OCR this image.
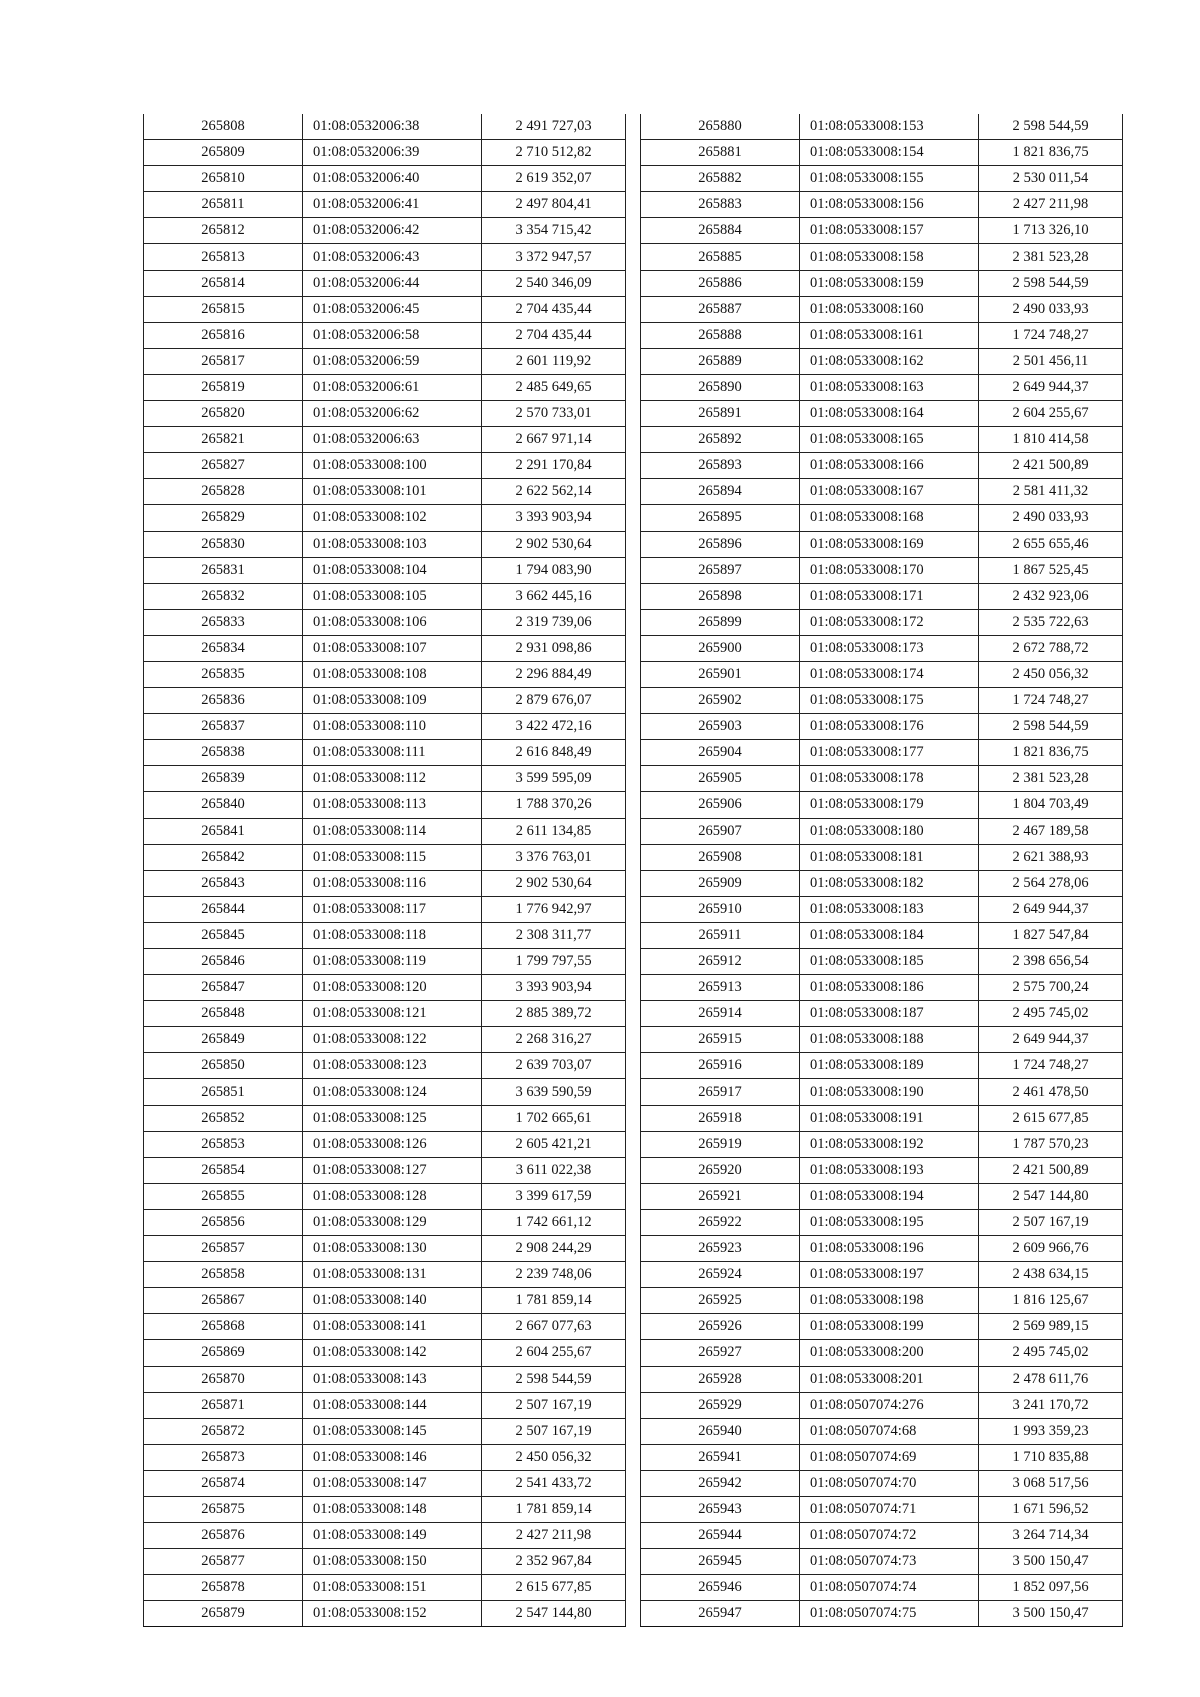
265808	01:08:0532006:38	2 491 727,03
265809	01:08:0532006:39	2 710 512,82
265810	01:08:0532006:40	2 619 352,07
265811	01:08:0532006:41	2 497 804,41
265812	01:08:0532006:42	3 354 715,42
265813	01:08:0532006:43	3 372 947,57
265814	01:08:0532006:44	2 540 346,09
265815	01:08:0532006:45	2 704 435,44
265816	01:08:0532006:58	2 704 435,44
265817	01:08:0532006:59	2 601 119,92
265819	01:08:0532006:61	2 485 649,65
265820	01:08:0532006:62	2 570 733,01
265821	01:08:0532006:63	2 667 971,14
265827	01:08:0533008:100	2 291 170,84
265828	01:08:0533008:101	2 622 562,14
265829	01:08:0533008:102	3 393 903,94
265830	01:08:0533008:103	2 902 530,64
265831	01:08:0533008:104	1 794 083,90
265832	01:08:0533008:105	3 662 445,16
265833	01:08:0533008:106	2 319 739,06
265834	01:08:0533008:107	2 931 098,86
265835	01:08:0533008:108	2 296 884,49
265836	01:08:0533008:109	2 879 676,07
265837	01:08:0533008:110	3 422 472,16
265838	01:08:0533008:111	2 616 848,49
265839	01:08:0533008:112	3 599 595,09
265840	01:08:0533008:113	1 788 370,26
265841	01:08:0533008:114	2 611 134,85
265842	01:08:0533008:115	3 376 763,01
265843	01:08:0533008:116	2 902 530,64
265844	01:08:0533008:117	1 776 942,97
265845	01:08:0533008:118	2 308 311,77
265846	01:08:0533008:119	1 799 797,55
265847	01:08:0533008:120	3 393 903,94
265848	01:08:0533008:121	2 885 389,72
265849	01:08:0533008:122	2 268 316,27
265850	01:08:0533008:123	2 639 703,07
265851	01:08:0533008:124	3 639 590,59
265852	01:08:0533008:125	1 702 665,61
265853	01:08:0533008:126	2 605 421,21
265854	01:08:0533008:127	3 611 022,38
265855	01:08:0533008:128	3 399 617,59
265856	01:08:0533008:129	1 742 661,12
265857	01:08:0533008:130	2 908 244,29
265858	01:08:0533008:131	2 239 748,06
265867	01:08:0533008:140	1 781 859,14
265868	01:08:0533008:141	2 667 077,63
265869	01:08:0533008:142	2 604 255,67
265870	01:08:0533008:143	2 598 544,59
265871	01:08:0533008:144	2 507 167,19
265872	01:08:0533008:145	2 507 167,19
265873	01:08:0533008:146	2 450 056,32
265874	01:08:0533008:147	2 541 433,72
265875	01:08:0533008:148	1 781 859,14
265876	01:08:0533008:149	2 427 211,98
265877	01:08:0533008:150	2 352 967,84
265878	01:08:0533008:151	2 615 677,85
265879	01:08:0533008:152	2 547 144,80
265880	01:08:0533008:153	2 598 544,59
265881	01:08:0533008:154	1 821 836,75
265882	01:08:0533008:155	2 530 011,54
265883	01:08:0533008:156	2 427 211,98
265884	01:08:0533008:157	1 713 326,10
265885	01:08:0533008:158	2 381 523,28
265886	01:08:0533008:159	2 598 544,59
265887	01:08:0533008:160	2 490 033,93
265888	01:08:0533008:161	1 724 748,27
265889	01:08:0533008:162	2 501 456,11
265890	01:08:0533008:163	2 649 944,37
265891	01:08:0533008:164	2 604 255,67
265892	01:08:0533008:165	1 810 414,58
265893	01:08:0533008:166	2 421 500,89
265894	01:08:0533008:167	2 581 411,32
265895	01:08:0533008:168	2 490 033,93
265896	01:08:0533008:169	2 655 655,46
265897	01:08:0533008:170	1 867 525,45
265898	01:08:0533008:171	2 432 923,06
265899	01:08:0533008:172	2 535 722,63
265900	01:08:0533008:173	2 672 788,72
265901	01:08:0533008:174	2 450 056,32
265902	01:08:0533008:175	1 724 748,27
265903	01:08:0533008:176	2 598 544,59
265904	01:08:0533008:177	1 821 836,75
265905	01:08:0533008:178	2 381 523,28
265906	01:08:0533008:179	1 804 703,49
265907	01:08:0533008:180	2 467 189,58
265908	01:08:0533008:181	2 621 388,93
265909	01:08:0533008:182	2 564 278,06
265910	01:08:0533008:183	2 649 944,37
265911	01:08:0533008:184	1 827 547,84
265912	01:08:0533008:185	2 398 656,54
265913	01:08:0533008:186	2 575 700,24
265914	01:08:0533008:187	2 495 745,02
265915	01:08:0533008:188	2 649 944,37
265916	01:08:0533008:189	1 724 748,27
265917	01:08:0533008:190	2 461 478,50
265918	01:08:0533008:191	2 615 677,85
265919	01:08:0533008:192	1 787 570,23
265920	01:08:0533008:193	2 421 500,89
265921	01:08:0533008:194	2 547 144,80
265922	01:08:0533008:195	2 507 167,19
265923	01:08:0533008:196	2 609 966,76
265924	01:08:0533008:197	2 438 634,15
265925	01:08:0533008:198	1 816 125,67
265926	01:08:0533008:199	2 569 989,15
265927	01:08:0533008:200	2 495 745,02
265928	01:08:0533008:201	2 478 611,76
265929	01:08:0507074:276	3 241 170,72
265940	01:08:0507074:68	1 993 359,23
265941	01:08:0507074:69	1 710 835,88
265942	01:08:0507074:70	3 068 517,56
265943	01:08:0507074:71	1 671 596,52
265944	01:08:0507074:72	3 264 714,34
265945	01:08:0507074:73	3 500 150,47
265946	01:08:0507074:74	1 852 097,56
265947	01:08:0507074:75	3 500 150,47
